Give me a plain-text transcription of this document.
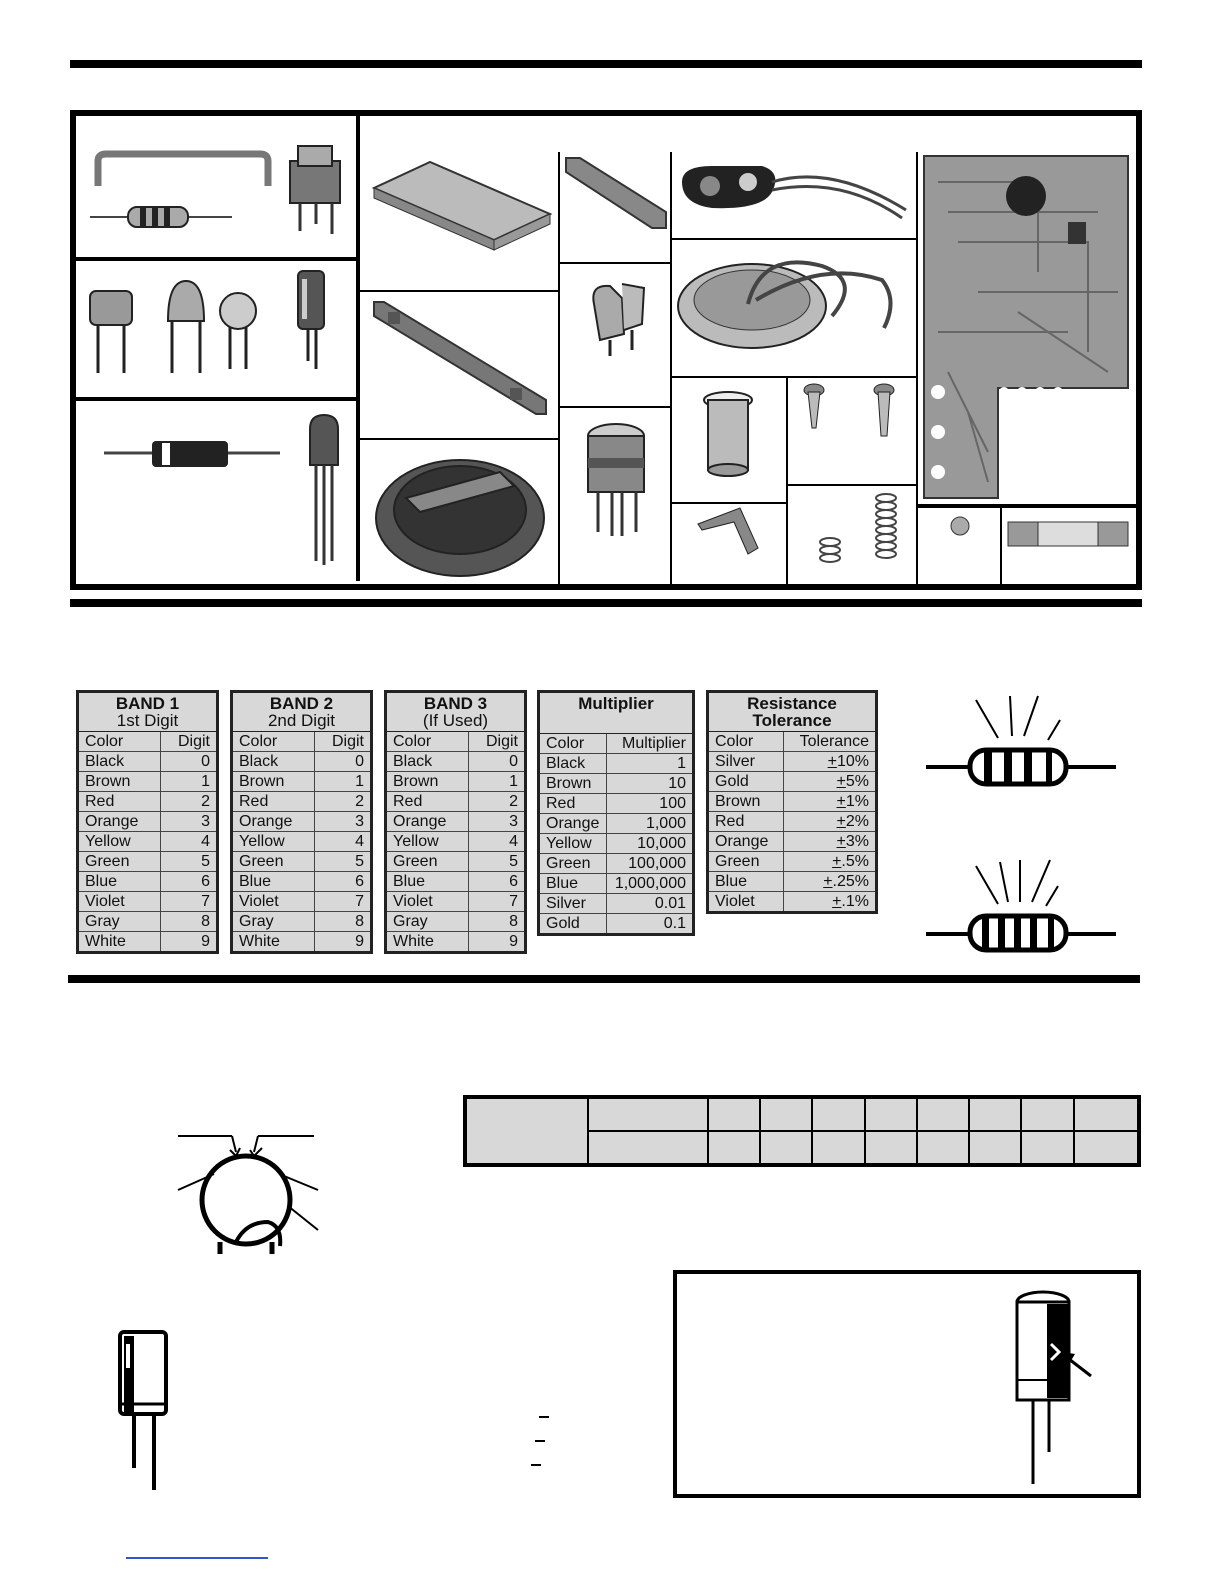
BAND 1
1st Digit	
Color	Digit
Black	0
Brown	1
Red	2
Orange	3
Yellow	4
Green	5
Blue	6
Violet	7
Gray	8
White	9
BAND 2
2nd Digit	
Color	Digit
Black	0
Brown	1
Red	2
Orange	3
Yellow	4
Green	5
Blue	6
Violet	7
Gray	8
White	9
BAND 3
(If Used)	
Color	Digit
Black	0
Brown	1
Red	2
Orange	3
Yellow	4
Green	5
Blue	6
Violet	7
Gray	8
White	9
Multiplier	
Color	Multiplier
Black	1
Brown	10
Red	100
Orange	1,000
Yellow	10,000
Green	100,000
Blue	1,000,000
Silver	0.01
Gold	0.1
Resistance
Tolerance	
Color	Tolerance
Silver	+10%
Gold	+5%
Brown	+1%
Red	+2%
Orange	+3%
Green	+.5%
Blue	+.25%
Violet	+.1%
